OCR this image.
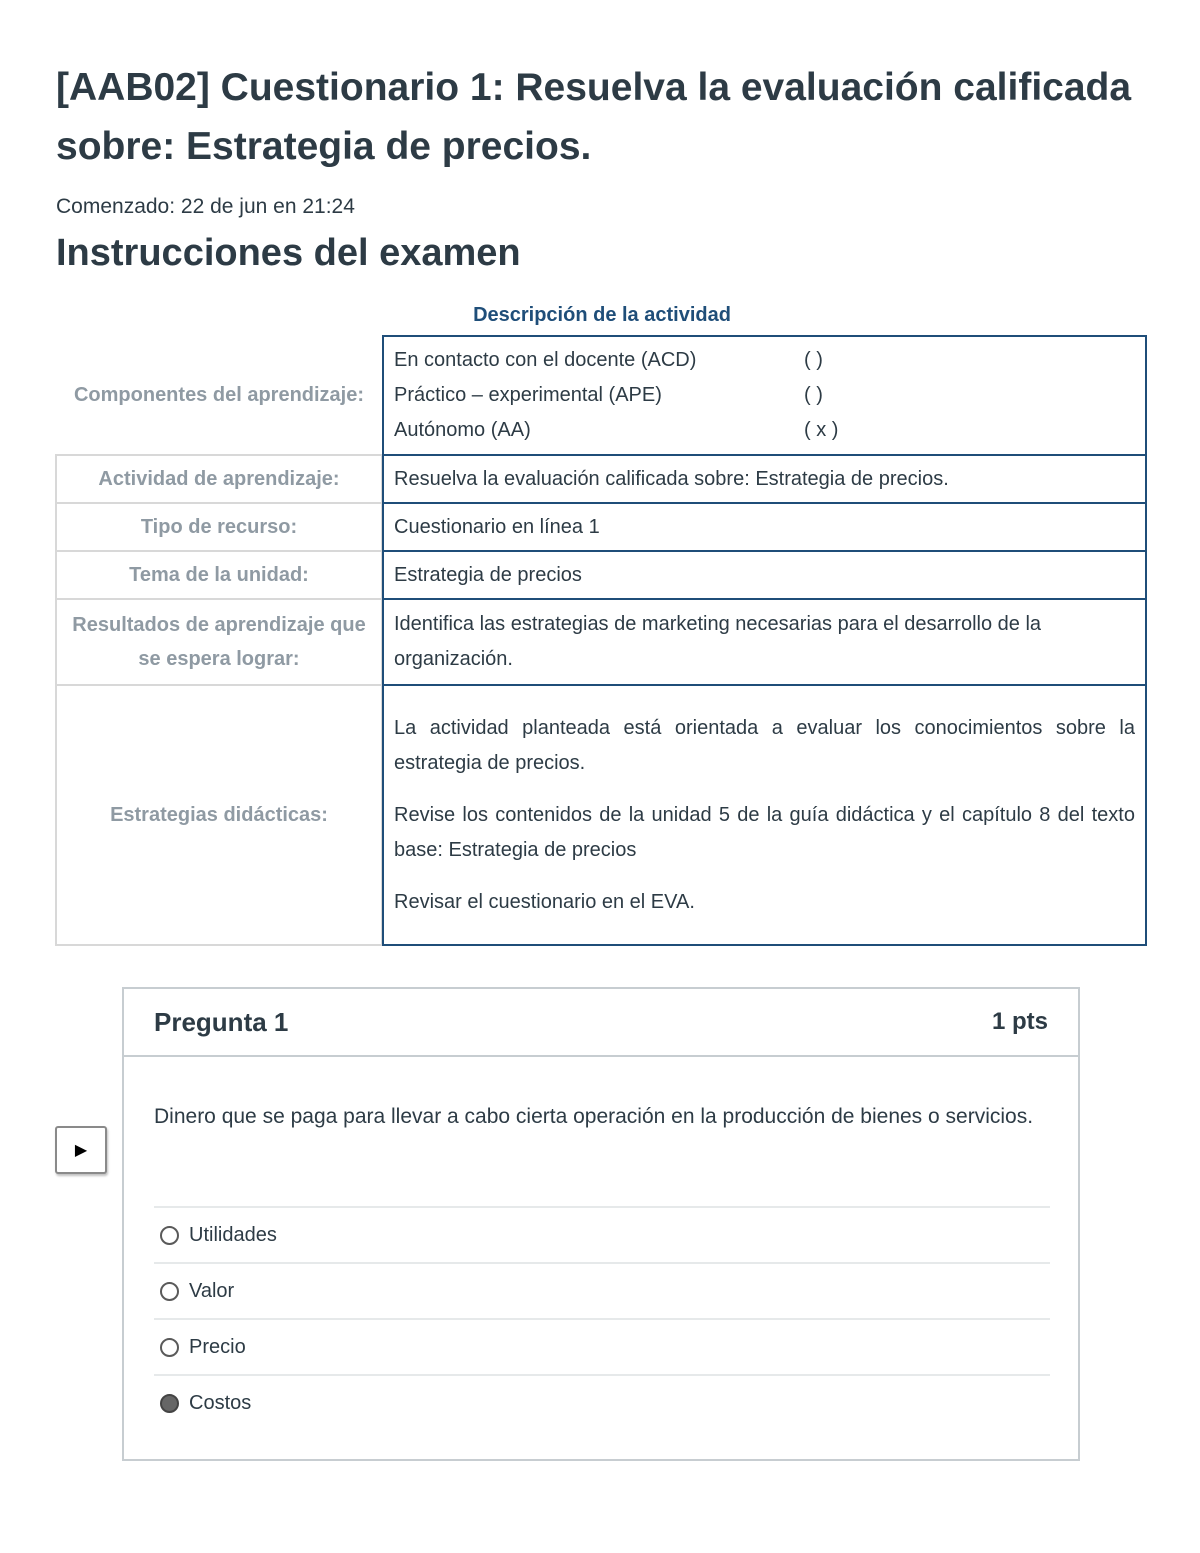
[AAB02] Cuestionario 1: Resuelva la evaluación calificada sobre: Estrategia de precios.
Comenzado: 22 de jun en 21:24
Instrucciones del examen
Descripción de la actividad
Componentes del aprendizaje:
En contacto con el docente (ACD)	( )
Práctico – experimental (APE)	( )
Autónomo (AA)	( x )
Actividad de aprendizaje:	Resuelva la evaluación calificada sobre: Estrategia de precios.
Tipo de recurso:	Cuestionario en línea 1
Tema de la unidad:	Estrategia de precios
Resultados de aprendizaje que se espera lograr:
Identifica las estrategias de marketing necesarias para el desarrollo de la organización.
Estrategias didácticas:

La actividad planteada está orientada a evaluar los conocimientos sobre la estrategia de precios.

Revise los contenidos de la unidad 5 de la guía didáctica y el capítulo 8 del texto base: Estrategia de precios

Revisar el cuestionario en el EVA.

▶
Pregunta 1	1 pts
Dinero que se paga para llevar a cabo cierta operación en la producción de bienes o servicios.
Utilidades
Valor
Precio
Costos
